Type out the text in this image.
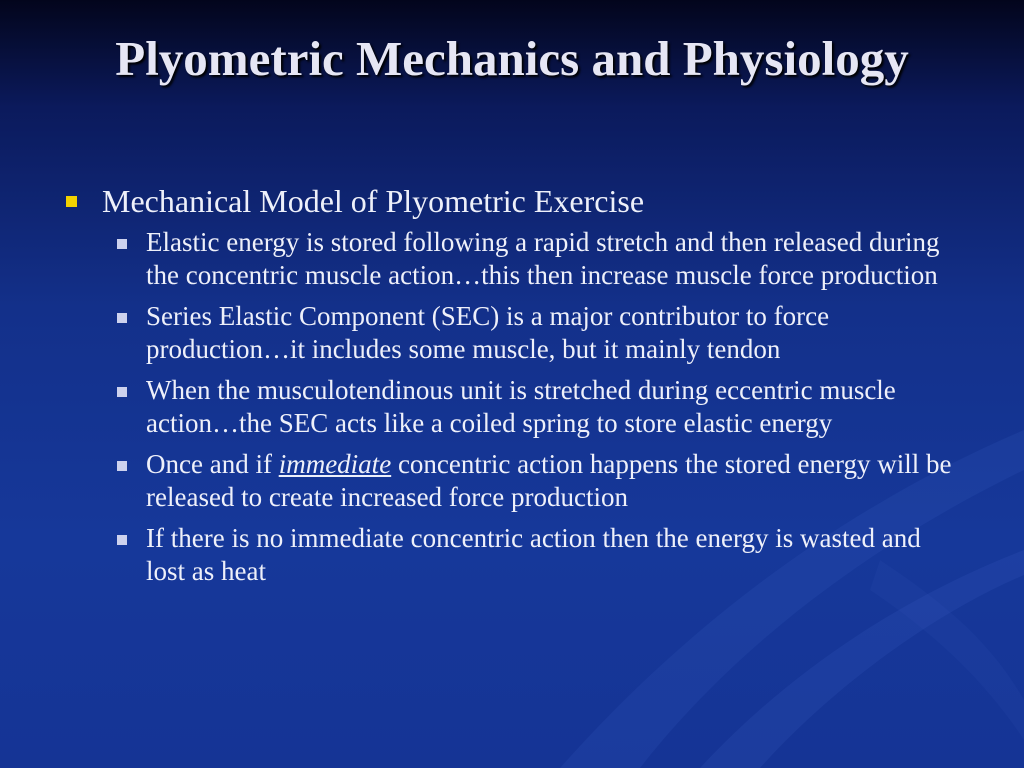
Plyometric Mechanics and Physiology
Mechanical Model of Plyometric Exercise
Elastic energy is stored following a rapid stretch and then released during the concentric muscle action…this then increase muscle force production
Series Elastic Component (SEC) is a major contributor to force production…it includes some muscle, but it mainly tendon
When the musculotendinous unit is stretched during eccentric muscle action…the SEC acts like a coiled spring to store elastic energy
Once and if immediate concentric action happens the stored energy will be released to create increased force production
If there is no immediate concentric action then the energy is wasted and lost as heat
